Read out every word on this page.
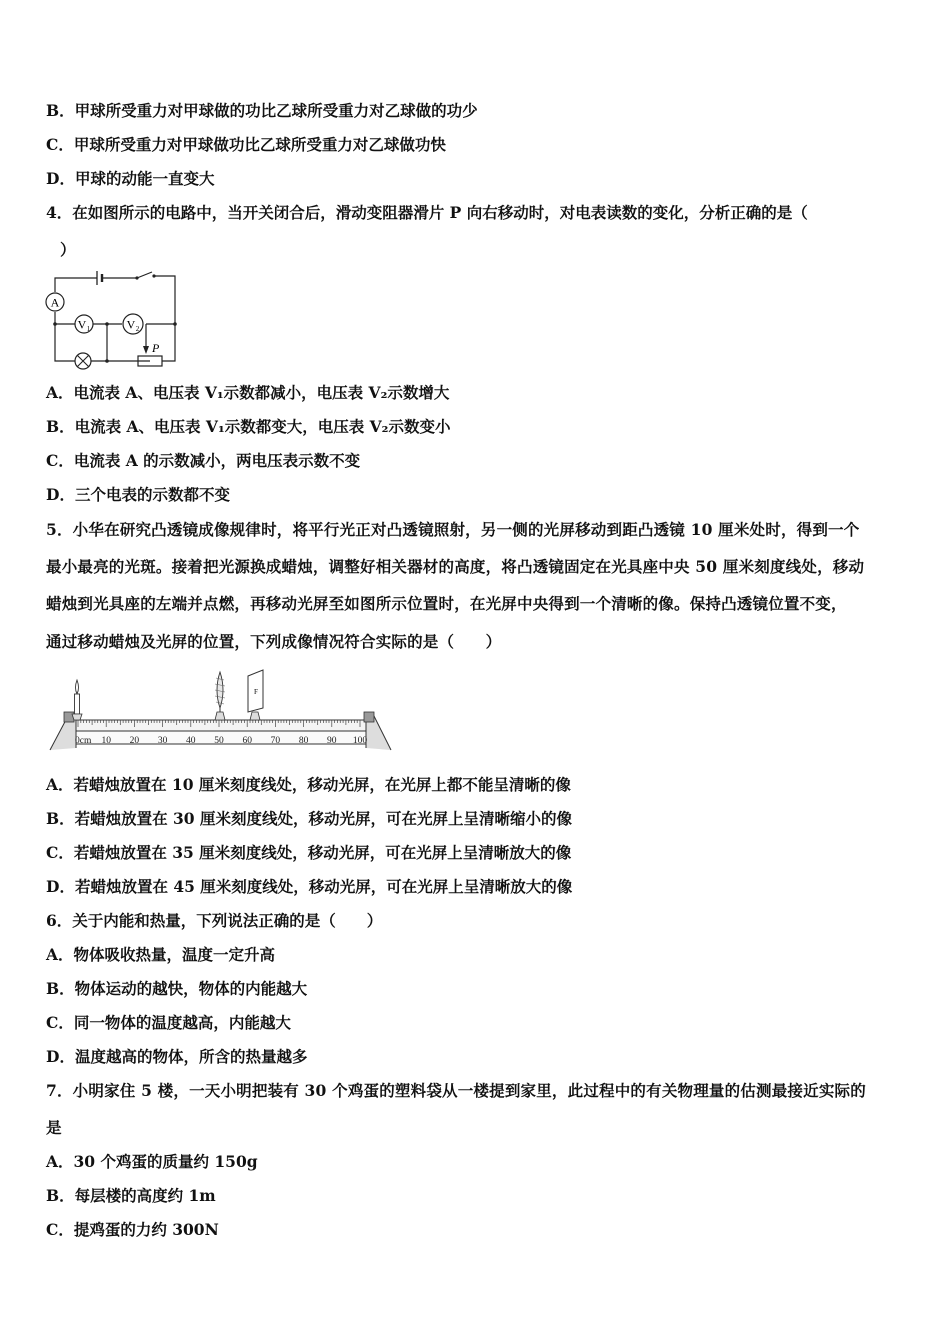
B．甲球所受重力对甲球做的功比乙球所受重力对乙球做的功少
C．甲球所受重力对甲球做功比乙球所受重力对乙球做功快
D．甲球的动能一直变大
4．在如图所示的电路中，当开关闭合后，滑动变阻器滑片 P 向右移动时，对电表读数的变化，分析正确的是（
）
A
V 1	V 2
P
A．电流表 A、电压表 V₁示数都减小，电压表 V₂示数增大
B．电流表 A、电压表 V₁示数都变大，电压表 V₂示数变小
C．电流表 A 的示数减小，两电压表示数不变
D．三个电表的示数都不变
5．小华在研究凸透镜成像规律时，将平行光正对凸透镜照射，另一侧的光屏移动到距凸透镜 10 厘米处时，得到一个
最小最亮的光斑。接着把光源换成蜡烛，调整好相关器材的高度，将凸透镜固定在光具座中央 50 厘米刻度线处，移动
蜡烛到光具座的左端并点燃，再移动光屏至如图所示位置时，在光屏中央得到一个清晰的像。保持凸透镜位置不变，
通过移动蜡烛及光屏的位置，下列成像情况符合实际的是（　　）
F
0cm 10 20 30 40 50 60 70 80 90 100
A．若蜡烛放置在 10 厘米刻度线处，移动光屏，在光屏上都不能呈清晰的像
B．若蜡烛放置在 30 厘米刻度线处，移动光屏，可在光屏上呈清晰缩小的像
C．若蜡烛放置在 35 厘米刻度线处，移动光屏，可在光屏上呈清晰放大的像
D．若蜡烛放置在 45 厘米刻度线处，移动光屏，可在光屏上呈清晰放大的像
6．关于内能和热量，下列说法正确的是（　　）
A．物体吸收热量，温度一定升高
B．物体运动的越快，物体的内能越大
C．同一物体的温度越高，内能越大
D．温度越高的物体，所含的热量越多
7．小明家住 5 楼，一天小明把装有 30 个鸡蛋的塑料袋从一楼提到家里，此过程中的有关物理量的估测最接近实际的
是
A．30 个鸡蛋的质量约 150g
B．每层楼的高度约 1m
C．提鸡蛋的力约 300N
